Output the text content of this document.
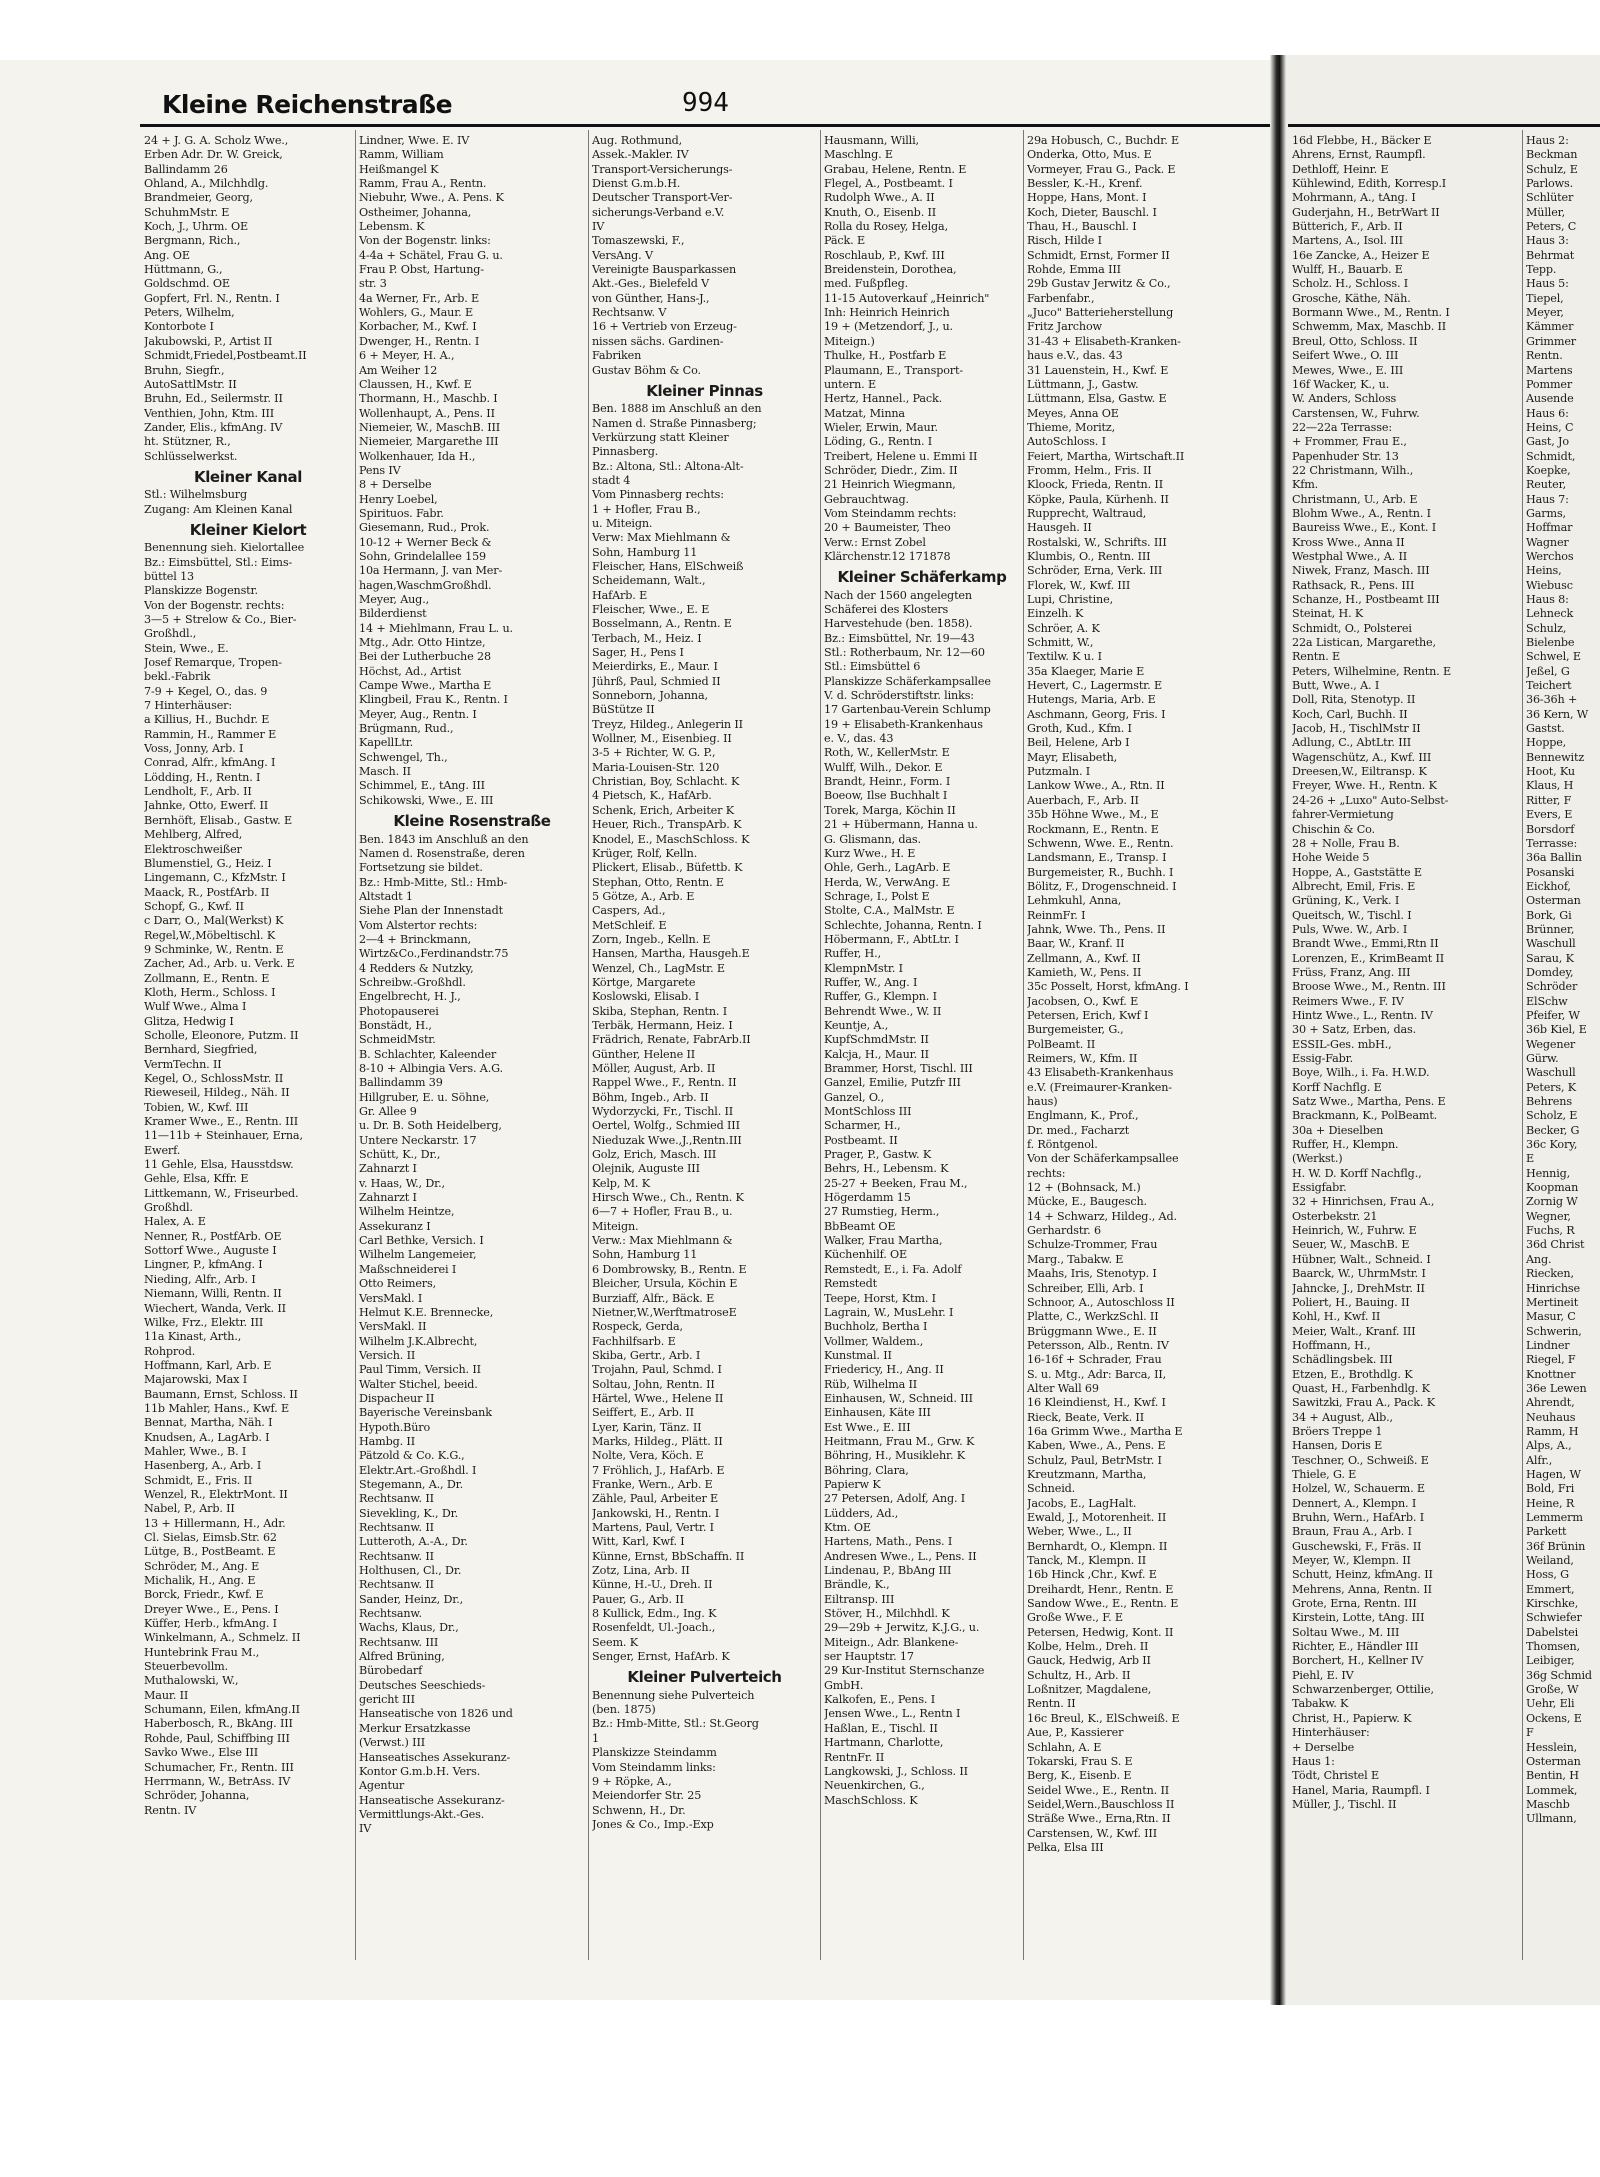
Kleine Reichenstraße	994
24 + J. G. A. Scholz Wwe.,
Erben Adr. Dr. W. Greick,
Ballindamm 26
Ohland, A., Milchhdlg.
Brandmeier, Georg,
SchuhmMstr. E
Koch, J., Uhrm. OE
Bergmann, Rich.,
Ang. OE
Hüttmann, G.,
Goldschmd. OE
Gopfert, Frl. N., Rentn. I
Peters, Wilhelm,
Kontorbote I
Jakubowski, P., Artist II
Schmidt,Friedel,Postbeamt.II
Bruhn, Siegfr.,
AutoSattlMstr. II
Bruhn, Ed., Seilermstr. II
Venthien, John, Ktm. III
Zander, Elis., kfmAng. IV
ht. Stützner, R.,
Schlüsselwerkst.
Kleiner Kanal
Stl.: Wilhelmsburg
Zugang: Am Kleinen Kanal
Kleiner Kielort
Benennung sieh. Kielortallee
Bz.: Eimsbüttel, Stl.: Eims-
büttel 13
Planskizze Bogenstr.
Von der Bogenstr. rechts:
3—5 + Strelow & Co., Bier-
Großhdl.,
Stein, Wwe., E.
Josef Remarque, Tropen-
bekl.-Fabrik
7-9 + Kegel, O., das. 9
7 Hinterhäuser:
a Killius, H., Buchdr. E
Rammin, H., Rammer E
Voss, Jonny, Arb. I
Conrad, Alfr., kfmAng. I
Lödding, H., Rentn. I
Lendholt, F., Arb. II
Jahnke, Otto, Ewerf. II
Bernhöft, Elisab., Gastw. E
Mehlberg, Alfred,
Elektroschweißer
Blumenstiel, G., Heiz. I
Lingemann, C., KfzMstr. I
Maack, R., PostfArb. II
Schopf, G., Kwf. II
c Darr, O., Mal(Werkst) K
Regel,W.,Möbeltischl. K
9 Schminke, W., Rentn. E
Zacher, Ad., Arb. u. Verk. E
Zollmann, E., Rentn. E
Kloth, Herm., Schloss. I
Wulf Wwe., Alma I
Glitza, Hedwig I
Scholle, Eleonore, Putzm. II
Bernhard, Siegfried,
VermTechn. II
Kegel, O., SchlossMstr. II
Rieweseil, Hildeg., Näh. II
Tobien, W., Kwf. III
Kramer Wwe., E., Rentn. III
11—11b + Steinhauer, Erna,
Ewerf.
11 Gehle, Elsa, Hausstdsw.
Gehle, Elsa, Kffr. E
Littkemann, W., Friseurbed.
Großhdl.
Halex, A. E
Nenner, R., PostfArb. OE
Sottorf Wwe., Auguste I
Lingner, P., kfmAng. I
Nieding, Alfr., Arb. I
Niemann, Willi, Rentn. II
Wiechert, Wanda, Verk. II
Wilke, Frz., Elektr. III
11a Kinast, Arth.,
Rohprod.
Hoffmann, Karl, Arb. E
Majarowski, Max I
Baumann, Ernst, Schloss. II
11b Mahler, Hans., Kwf. E
Bennat, Martha, Näh. I
Knudsen, A., LagArb. I
Mahler, Wwe., B. I
Hasenberg, A., Arb. I
Schmidt, E., Fris. II
Wenzel, R., ElektrMont. II
Nabel, P., Arb. II
13 + Hillermann, H., Adr.
Cl. Sielas, Eimsb.Str. 62
Lütge, B., PostBeamt. E
Schröder, M., Ang. E
Michalik, H., Ang. E
Borck, Friedr., Kwf. E
Dreyer Wwe., E., Pens. I
Küffer, Herb., kfmAng. I
Winkelmann, A., Schmelz. II
Huntebrink Frau M.,
Steuerbevollm.
Muthalowski, W.,
Maur. II
Schumann, Eilen, kfmAng.II
Haberbosch, R., BkAng. III
Rohde, Paul, Schiffbing III
Savko Wwe., Else III
Schumacher, Fr., Rentn. III
Herrmann, W., BetrAss. IV
Schröder, Johanna,
Rentn. IV
Lindner, Wwe. E. IV
Ramm, William
Heißmangel K
Ramm, Frau A., Rentn.
Niebuhr, Wwe., A. Pens. K
Ostheimer, Johanna,
Lebensm. K
Von der Bogenstr. links:
4-4a + Schätel, Frau G. u.
Frau P. Obst, Hartung-
str. 3
4a Werner, Fr., Arb. E
Wohlers, G., Maur. E
Korbacher, M., Kwf. I
Dwenger, H., Rentn. I
6 + Meyer, H. A.,
Am Weiher 12
Claussen, H., Kwf. E
Thormann, H., Maschb. I
Wollenhaupt, A., Pens. II
Niemeier, W., MaschB. III
Niemeier, Margarethe III
Wolkenhauer, Ida H.,
Pens IV
8 + Derselbe
Henry Loebel,
Spirituos. Fabr.
Giesemann, Rud., Prok.
10-12 + Werner Beck &
Sohn, Grindelallee 159
10a Hermann, J. van Mer-
hagen,WaschmGroßhdl.
Meyer, Aug.,
Bilderdienst
14 + Miehlmann, Frau L. u.
Mtg., Adr. Otto Hintze,
Bei der Lutherbuche 28
Höchst, Ad., Artist
Campe Wwe., Martha E
Klingbeil, Frau K., Rentn. I
Meyer, Aug., Rentn. I
Brügmann, Rud.,
KapellLtr.
Schwengel, Th.,
Masch. II
Schimmel, E., tAng. III
Schikowski, Wwe., E. III
Kleine Rosenstraße
Ben. 1843 im Anschluß an den
Namen d. Rosenstraße, deren
Fortsetzung sie bildet.
Bz.: Hmb-Mitte, Stl.: Hmb-
Altstadt 1
Siehe Plan der Innenstadt
Vom Alstertor rechts:
2—4 + Brinckmann,
Wirtz&Co.,Ferdinandstr.75
4 Redders & Nutzky,
Schreibw.-Großhdl.
Engelbrecht, H. J.,
Photopauserei
Bonstädt, H.,
SchmeidMstr.
B. Schlachter, Kaleender
8-10 + Albingia Vers. A.G.
Ballindamm 39
Hillgruber, E. u. Söhne,
Gr. Allee 9
u. Dr. B. Soth Heidelberg,
Untere Neckarstr. 17
Schütt, K., Dr.,
Zahnarzt I
v. Haas, W., Dr.,
Zahnarzt I
Wilhelm Heintze,
Assekuranz I
Carl Bethke, Versich. I
Wilhelm Langemeier,
Maßschneiderei I
Otto Reimers,
VersMakl. I
Helmut K.E. Brennecke,
VersMakl. II
Wilhelm J.K.Albrecht,
Versich. II
Paul Timm, Versich. II
Walter Stichel, beeid.
Dispacheur II
Bayerische Vereinsbank
Hypoth.Büro
Hambg. II
Pätzold & Co. K.G.,
Elektr.Art.-Großhdl. I
Stegemann, A., Dr.
Rechtsanw. II
Sievekling, K., Dr.
Rechtsanw. II
Lutteroth, A.-A., Dr.
Rechtsanw. II
Holthusen, Cl., Dr.
Rechtsanw. II
Sander, Heinz, Dr.,
Rechtsanw.
Wachs, Klaus, Dr.,
Rechtsanw. III
Alfred Brüning,
Bürobedarf
Deutsches Seeschieds-
gericht III
Hanseatische von 1826 und
Merkur Ersatzkasse
(Verwst.) III
Hanseatisches Assekuranz-
Kontor G.m.b.H. Vers.
Agentur
Hanseatische Assekuranz-
Vermittlungs-Akt.-Ges.
IV
Aug. Rothmund,
Assek.-Makler. IV
Transport-Versicherungs-
Dienst G.m.b.H.
Deutscher Transport-Ver-
sicherungs-Verband e.V.
IV
Tomaszewski, F.,
VersAng. V
Vereinigte Bausparkassen
Akt.-Ges., Bielefeld V
von Günther, Hans-J.,
Rechtsanw. V
16 + Vertrieb von Erzeug-
nissen sächs. Gardinen-
Fabriken
Gustav Böhm & Co.
Kleiner Pinnas
Ben. 1888 im Anschluß an den
Namen d. Straße Pinnasberg;
Verkürzung statt Kleiner
Pinnasberg.
Bz.: Altona, Stl.: Altona-Alt-
stadt 4
Vom Pinnasberg rechts:
1 + Hofler, Frau B.,
u. Miteign.
Verw: Max Miehlmann &
Sohn, Hamburg 11
Fleischer, Hans, ElSchweiß
Scheidemann, Walt.,
HafArb. E
Fleischer, Wwe., E. E
Bosselmann, A., Rentn. E
Terbach, M., Heiz. I
Sager, H., Pens I
Meierdirks, E., Maur. I
Jührß, Paul, Schmied II
Sonneborn, Johanna,
BüStütze II
Treyz, Hildeg., Anlegerin II
Wollner, M., Eisenbieg. II
3-5 + Richter, W. G. P.,
Maria-Louisen-Str. 120
Christian, Boy, Schlacht. K
4 Pietsch, K., HafArb.
Schenk, Erich, Arbeiter K
Heuer, Rich., TranspArb. K
Knodel, E., MaschSchloss. K
Krüger, Rolf, Kelln.
Plickert, Elisab., Büfettb. K
Stephan, Otto, Rentn. E
5 Götze, A., Arb. E
Caspers, Ad.,
MetSchleif. E
Zorn, Ingeb., Kelln. E
Hansen, Martha, Hausgeh.E
Wenzel, Ch., LagMstr. E
Körtge, Margarete
Koslowski, Elisab. I
Skiba, Stephan, Rentn. I
Terbäk, Hermann, Heiz. I
Frädrich, Renate, FabrArb.II
Günther, Helene II
Möller, August, Arb. II
Rappel Wwe., F., Rentn. II
Böhm, Ingeb., Arb. II
Wydorzycki, Fr., Tischl. II
Oertel, Wolfg., Schmied III
Nieduzak Wwe.,J.,Rentn.III
Golz, Erich, Masch. III
Olejnik, Auguste III
Kelp, M. K
Hirsch Wwe., Ch., Rentn. K
6—7 + Hofler, Frau B., u.
Miteign.
Verw.: Max Miehlmann &
Sohn, Hamburg 11
6 Dombrowsky, B., Rentn. E
Bleicher, Ursula, Köchin E
Burziaff, Alfr., Bäck. E
Nietner,W.,WerftmatroseE
Rospeck, Gerda,
Fachhilfsarb. E
Skiba, Gertr., Arb. I
Trojahn, Paul, Schmd. I
Soltau, John, Rentn. II
Härtel, Wwe., Helene II
Seiffert, E., Arb. II
Lyer, Karin, Tänz. II
Marks, Hildeg., Plätt. II
Nolte, Vera, Köch. E
7 Fröhlich, J., HafArb. E
Franke, Wern., Arb. E
Zähle, Paul, Arbeiter E
Jankowski, H., Rentn. I
Martens, Paul, Vertr. I
Witt, Karl, Kwf. I
Künne, Ernst, BbSchaffn. II
Zotz, Lina, Arb. II
Künne, H.-U., Dreh. II
Pauer, G., Arb. II
8 Kullick, Edm., Ing. K
Rosenfeldt, Ul.-Joach.,
Seem. K
Senger, Ernst, HafArb. K
Kleiner Pulverteich
Benennung siehe Pulverteich
(ben. 1875)
Bz.: Hmb-Mitte, Stl.: St.Georg
1
Planskizze Steindamm
Vom Steindamm links:
9 + Röpke, A.,
Meiendorfer Str. 25
Schwenn, H., Dr.
Jones & Co., Imp.-Exp
Hausmann, Willi,
Maschlng. E
Grabau, Helene, Rentn. E
Flegel, A., Postbeamt. I
Rudolph Wwe., A. II
Knuth, O., Eisenb. II
Rolla du Rosey, Helga,
Päck. E
Roschlaub, P., Kwf. III
Breidenstein, Dorothea,
med. Fußpfleg.
11-15 Autoverkauf „Heinrich"
Inh: Heinrich Heinrich
19 + (Metzendorf, J., u.
Miteign.)
Thulke, H., Postfarb E
Plaumann, E., Transport-
untern. E
Hertz, Hannel., Pack.
Matzat, Minna
Wieler, Erwin, Maur.
Löding, G., Rentn. I
Treibert, Helene u. Emmi II
Schröder, Diedr., Zim. II
21 Heinrich Wiegmann,
Gebrauchtwag.
Vom Steindamm rechts:
20 + Baumeister, Theo
Verw.: Ernst Zobel
Klärchenstr.12 171878
Kleiner Schäferkamp
Nach der 1560 angelegten
Schäferei des Klosters
Harvestehude (ben. 1858).
Bz.: Eimsbüttel, Nr. 19—43
Stl.: Rotherbaum, Nr. 12—60
Stl.: Eimsbüttel 6
Planskizze Schäferkampsallee
V. d. Schröderstiftstr. links:
17 Gartenbau-Verein Schlump
19 + Elisabeth-Krankenhaus
e. V., das. 43
Roth, W., KellerMstr. E
Wulff, Wilh., Dekor. E
Brandt, Heinr., Form. I
Boeow, Ilse Buchhalt I
Torek, Marga, Köchin II
21 + Hübermann, Hanna u.
G. Glismann, das.
Kurz Wwe., H. E
Ohle, Gerh., LagArb. E
Herda, W., VerwAng. E
Schrage, I., Polst E
Stolte, C.A., MalMstr. E
Schlechte, Johanna, Rentn. I
Höbermann, F., AbtLtr. I
Ruffer, H.,
KlempnMstr. I
Ruffer, W., Ang. I
Ruffer, G., Klempn. I
Behrendt Wwe., W. II
Keuntje, A.,
KupfSchmdMstr. II
Kalcja, H., Maur. II
Brammer, Horst, Tischl. III
Ganzel, Emilie, Putzfr III
Ganzel, O.,
MontSchloss III
Scharmer, H.,
Postbeamt. II
Prager, P., Gastw. K
Behrs, H., Lebensm. K
25-27 + Beeken, Frau M.,
Högerdamm 15
27 Rumstieg, Herm.,
BbBeamt OE
Walker, Frau Martha,
Küchenhilf. OE
Remstedt, E., i. Fa. Adolf
Remstedt
Teepe, Horst, Ktm. I
Lagrain, W., MusLehr. I
Buchholz, Bertha I
Vollmer, Waldem.,
Kunstmal. II
Friedericy, H., Ang. II
Rüb, Wilhelma II
Einhausen, W., Schneid. III
Einhausen, Käte III
Est Wwe., E. III
Heitmann, Frau M., Grw. K
Böhring, H., Musiklehr. K
Böhring, Clara,
Papierw K
27 Petersen, Adolf, Ang. I
Lüdders, Ad.,
Ktm. OE
Hartens, Math., Pens. I
Andresen Wwe., L., Pens. II
Lindenau, P., BbAng III
Brändle, K.,
Eiltransp. III
Stöver, H., Milchhdl. K
29—29b + Jerwitz, K.J.G., u.
Miteign., Adr. Blankene-
ser Hauptstr. 17
29 Kur-Institut Sternschanze
GmbH.
Kalkofen, E., Pens. I
Jensen Wwe., L., Rentn I
Haßlan, E., Tischl. II
Hartmann, Charlotte,
RentnFr. II
Langkowski, J., Schloss. II
Neuenkirchen, G.,
MaschSchloss. K
29a Hobusch, C., Buchdr. E
Onderka, Otto, Mus. E
Vormeyer, Frau G., Pack. E
Bessler, K.-H., Krenf.
Hoppe, Hans, Mont. I
Koch, Dieter, Bauschl. I
Thau, H., Bauschl. I
Risch, Hilde I
Schmidt, Ernst, Former II
Rohde, Emma III
29b Gustav Jerwitz & Co.,
Farbenfabr.,
„Juco" Batterieherstellung
Fritz Jarchow
31-43 + Elisabeth-Kranken-
haus e.V., das. 43
31 Lauenstein, H., Kwf. E
Lüttmann, J., Gastw.
Lüttmann, Elsa, Gastw. E
Meyes, Anna OE
Thieme, Moritz,
AutoSchloss. I
Feiert, Martha, Wirtschaft.II
Fromm, Helm., Fris. II
Kloock, Frieda, Rentn. II
Köpke, Paula, Kürhenh. II
Rupprecht, Waltraud,
Hausgeh. II
Rostalski, W., Schrifts. III
Klumbis, O., Rentn. III
Schröder, Erna, Verk. III
Florek, W., Kwf. III
Lupi, Christine,
Einzelh. K
Schröer, A. K
Schmitt, W.,
Textilw. K u. I
35a Klaeger, Marie E
Hevert, C., Lagermstr. E
Hutengs, Maria, Arb. E
Aschmann, Georg, Fris. I
Groth, Kud., Kfm. I
Beil, Helene, Arb I
Mayr, Elisabeth,
Putzmaln. I
Lankow Wwe., A., Rtn. II
Auerbach, F., Arb. II
35b Höhne Wwe., M., E
Rockmann, E., Rentn. E
Schwenn, Wwe. E., Rentn.
Landsmann, E., Transp. I
Burgemeister, R., Buchh. I
Bölitz, F., Drogenschneid. I
Lehmkuhl, Anna,
ReinmFr. I
Jahnk, Wwe. Th., Pens. II
Baar, W., Kranf. II
Zellmann, A., Kwf. II
Kamieth, W., Pens. II
35c Posselt, Horst, kfmAng. I
Jacobsen, O., Kwf. E
Petersen, Erich, Kwf I
Burgemeister, G.,
PolBeamt. II
Reimers, W., Kfm. II
43 Elisabeth-Krankenhaus
e.V. (Freimaurer-Kranken-
haus)
Englmann, K., Prof.,
Dr. med., Facharzt
f. Röntgenol.
Von der Schäferkampsallee
rechts:
12 + (Bohnsack, M.)
Mücke, E., Baugesch.
14 + Schwarz, Hildeg., Ad.
Gerhardstr. 6
Schulze-Trommer, Frau
Marg., Tabakw. E
Maahs, Iris, Stenotyp. I
Schreiber, Elli, Arb. I
Schnoor, A., Autoschloss II
Platte, C., WerkzSchl. II
Brüggmann Wwe., E. II
Petersson, Alb., Rentn. IV
16-16f + Schrader, Frau
S. u. Mtg., Adr: Barca, II,
Alter Wall 69
16 Kleindienst, H., Kwf. I
Rieck, Beate, Verk. II
16a Grimm Wwe., Martha E
Kaben, Wwe., A., Pens. E
Schulz, Paul, BetrMstr. I
Kreutzmann, Martha,
Schneid.
Jacobs, E., LagHalt.
Ewald, J., Motorenheit. II
Weber, Wwe., L., II
Bernhardt, O., Klempn. II
Tanck, M., Klempn. II
16b Hinck ,Chr., Kwf. E
Dreihardt, Henr., Rentn. E
Sandow Wwe., E., Rentn. E
Große Wwe., F. E
Petersen, Hedwig, Kont. II
Kolbe, Helm., Dreh. II
Gauck, Hedwig, Arb II
Schultz, H., Arb. II
Loßnitzer, Magdalene,
Rentn. II
16c Breul, K., ElSchweiß. E
Aue, P., Kassierer
Schlahn, A. E
Tokarski, Frau S. E
Berg, K., Eisenb. E
Seidel Wwe., E., Rentn. II
Seidel,Wern.,Bauschloss II
Sträße Wwe., Erna,Rtn. II
Carstensen, W., Kwf. III
Pelka, Elsa III
16d Flebbe, H., Bäcker E
Ahrens, Ernst, Raumpfl.
Dethloff, Heinr. E
Kühlewind, Edith, Korresp.I
Mohrmann, A., tAng. I
Guderjahn, H., BetrWart II
Bütterich, F., Arb. II
Martens, A., Isol. III
16e Zancke, A., Heizer E
Wulff, H., Bauarb. E
Scholz. H., Schloss. I
Grosche, Käthe, Näh.
Bormann Wwe., M., Rentn. I
Schwemm, Max, Maschb. II
Breul, Otto, Schloss. II
Seifert Wwe., O. III
Mewes, Wwe., E. III
16f Wacker, K., u.
W. Anders, Schloss
Carstensen, W., Fuhrw.
22—22a Terrasse:
+ Frommer, Frau E.,
Papenhuder Str. 13
22 Christmann, Wilh.,
Kfm.
Christmann, U., Arb. E
Blohm Wwe., A., Rentn. I
Baureiss Wwe., E., Kont. I
Kross Wwe., Anna II
Westphal Wwe., A. II
Niwek, Franz, Masch. III
Rathsack, R., Pens. III
Schanze, H., Postbeamt III
Steinat, H. K
Schmidt, O., Polsterei
22a Listican, Margarethe,
Rentn. E
Peters, Wilhelmine, Rentn. E
Butt, Wwe., A. I
Doll, Rita, Stenotyp. II
Koch, Carl, Buchh. II
Jacob, H., TischlMstr II
Adlung, C., AbtLtr. III
Wagenschütz, A., Kwf. III
Dreesen,W., Eiltransp. K
Freyer, Wwe. H., Rentn. K
24-26 + „Luxo" Auto-Selbst-
fahrer-Vermietung
Chischin & Co.
28 + Nolle, Frau B.
Hohe Weide 5
Hoppe, A., Gaststätte E
Albrecht, Emil, Fris. E
Grüning, K., Verk. I
Queitsch, W., Tischl. I
Puls, Wwe. W., Arb. I
Brandt Wwe., Emmi,Rtn II
Lorenzen, E., KrimBeamt II
Früss, Franz, Ang. III
Broose Wwe., M., Rentn. III
Reimers Wwe., F. IV
Hintz Wwe., L., Rentn. IV
30 + Satz, Erben, das.
ESSIL-Ges. mbH.,
Essig-Fabr.
Boye, Wilh., i. Fa. H.W.D.
Korff Nachflg. E
Satz Wwe., Martha, Pens. E
Brackmann, K., PolBeamt.
30a + Dieselben
Ruffer, H., Klempn.
(Werkst.)
H. W. D. Korff Nachflg.,
Essigfabr.
32 + Hinrichsen, Frau A.,
Osterbekstr. 21
Heinrich, W., Fuhrw. E
Seuer, W., MaschB. E
Hübner, Walt., Schneid. I
Baarck, W., UhrmMstr. I
Jahncke, J., DrehMstr. II
Poliert, H., Bauing. II
Kohl, H., Kwf. II
Meier, Walt., Kranf. III
Hoffmann, H.,
Schädlingsbek. III
Etzen, E., Brothdlg. K
Quast, H., Farbenhdlg. K
Sawitzki, Frau A., Pack. K
34 + August, Alb.,
Bröers Treppe 1
Hansen, Doris E
Teschner, O., Schweiß. E
Thiele, G. E
Holzel, W., Schauerm. E
Dennert, A., Klempn. I
Bruhn, Wern., HafArb. I
Braun, Frau A., Arb. I
Guschewski, F., Fräs. II
Meyer, W., Klempn. II
Schutt, Heinz, kfmAng. II
Mehrens, Anna, Rentn. II
Grote, Erna, Rentn. III
Kirstein, Lotte, tAng. III
Soltau Wwe., M. III
Richter, E., Händler III
Borchert, H., Kellner IV
Piehl, E. IV
Schwarzenberger, Ottilie,
Tabakw. K
Christ, H., Papierw. K
Hinterhäuser:
+ Derselbe
Haus 1:
Tödt, Christel E
Hanel, Maria, Raumpfl. I
Müller, J., Tischl. II
Haus 2:
Beckman
Schulz, E
Parlows.
Schlüter
Müller,
Peters, C
Haus 3:
Behrmat
Tepp.
Haus 5:
Tiepel,
Meyer,
Kämmer
Grimmer
Rentn.
Martens
Pommer
Ausende
Haus 6:
Heins, C
Gast, Jo
Schmidt,
Koepke,
Reuter,
Haus 7:
Garms,
Hoffmar
Wagner
Werchos
Heins,
Wiebusc
Haus 8:
Lehneck
Schulz,
Bielenbe
Schwel, E
Jeßel, G
Teichert
36-36h +
36 Kern, W
Gastst.
Hoppe,
Bennewitz
Hoot, Ku
Klaus, H
Ritter, F
Evers, E
Borsdorf
Terrasse:
36a Ballin
Posanski
Eickhof,
Osterman
Bork, Gi
Brünner,
Waschull
Sarau, K
Domdey,
Schröder
ElSchw
Pfeifer, W
36b Kiel, E
Wegener
Gürw.
Waschull
Peters, K
Behrens
Scholz, E
Becker, G
36c Kory,
E
Hennig,
Koopman
Zornig W
Wegner,
Fuchs, R
36d Christ
Ang.
Riecken,
Hinrichse
Mertineit
Masur, C
Schwerin,
Lindner
Riegel, F
Knottner
36e Lewen
Ahrendt,
Neuhaus
Ramm, H
Alps, A.,
Alfr.,
Hagen, W
Bold, Fri
Heine, R
Lemmerm
Parkett
36f Brünin
Weiland,
Hoss, G
Emmert,
Kirschke,
Schwiefer
Dabelstei
Thomsen,
Leibiger,
36g Schmid
Große, W
Uehr, Eli
Ockens, E
F
Hesslein,
Osterman
Bentin, H
Lommek,
Maschb
Ullmann,
